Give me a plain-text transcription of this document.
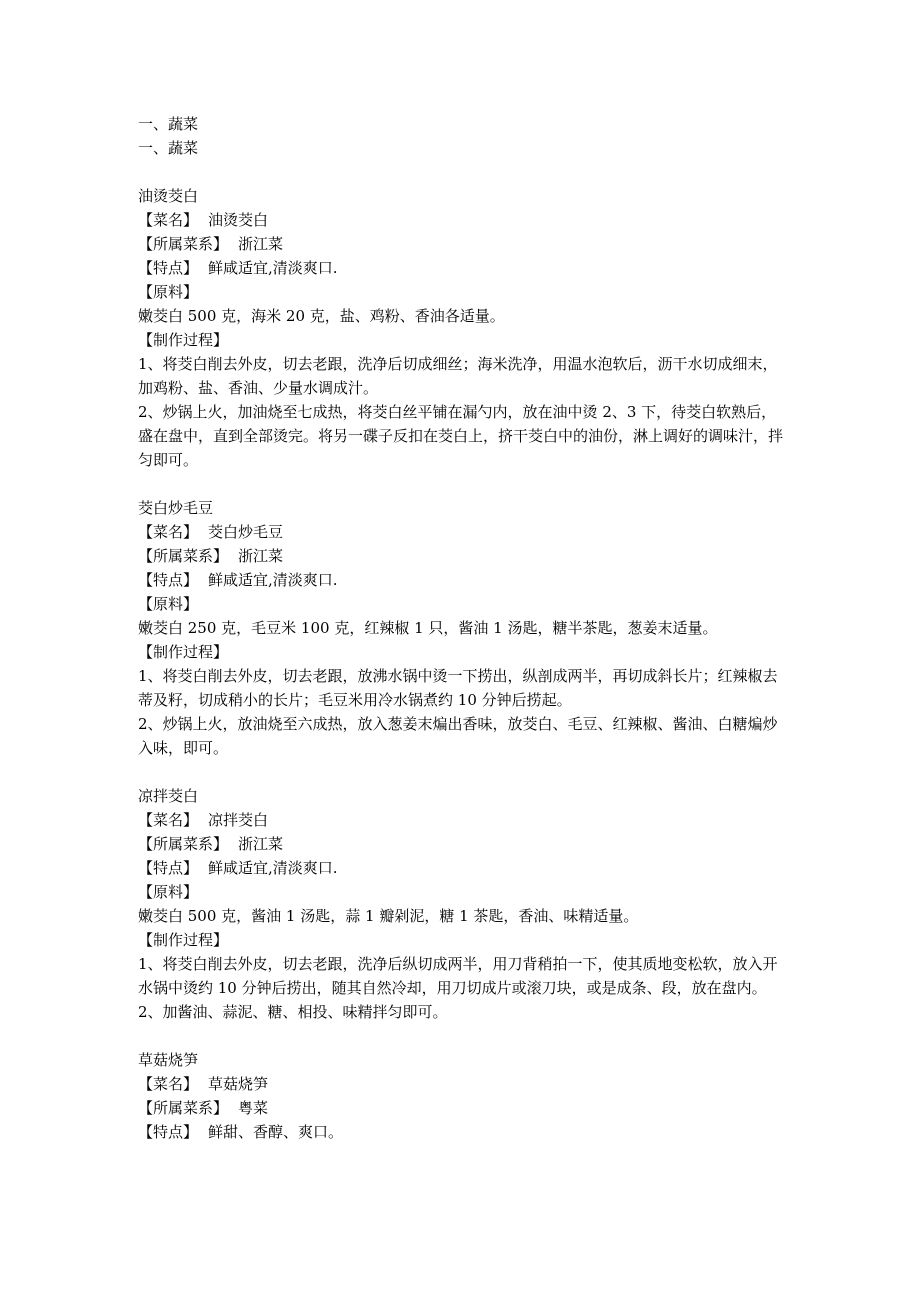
一、蔬菜

一、蔬菜

油烫茭白

【菜名】 油烫茭白

【所属菜系】 浙江菜

【特点】 鲜咸适宜,清淡爽口.

【原料】

嫩茭白 500 克，海米 20 克，盐、鸡粉、香油各适量。

【制作过程】

1、将茭白削去外皮，切去老跟，洗净后切成细丝；海米洗净，用温水泡软后，沥干水切成细末，加鸡粉、盐、香油、少量水调成汁。

2、炒锅上火，加油烧至七成热，将茭白丝平铺在漏勺内，放在油中烫 2、3 下，待茭白软熟后，盛在盘中，直到全部烫完。将另一碟子反扣在茭白上，挤干茭白中的油份，淋上调好的调味汁，拌匀即可。

茭白炒毛豆

【菜名】 茭白炒毛豆

【所属菜系】 浙江菜

【特点】 鲜咸适宜,清淡爽口.

【原料】

嫩茭白 250 克，毛豆米 100 克，红辣椒 1 只，酱油 1 汤匙，糖半茶匙，葱姜末适量。

【制作过程】

1、将茭白削去外皮，切去老跟，放沸水锅中烫一下捞出，纵剖成两半，再切成斜长片；红辣椒去蒂及籽，切成稍小的长片；毛豆米用冷水锅煮约 10 分钟后捞起。

2、炒锅上火，放油烧至六成热，放入葱姜末煸出香味，放茭白、毛豆、红辣椒、酱油、白糖煸炒入味，即可。

凉拌茭白

【菜名】 凉拌茭白

【所属菜系】 浙江菜

【特点】 鲜咸适宜,清淡爽口.

【原料】

嫩茭白 500 克，酱油 1 汤匙，蒜 1 瓣剁泥，糖 1 茶匙，香油、味精适量。

【制作过程】

1、将茭白削去外皮，切去老跟，洗净后纵切成两半，用刀背稍拍一下，使其质地变松软，放入开水锅中烫约 10 分钟后捞出，随其自然冷却，用刀切成片或滚刀块，或是成条、段，放在盘内。

2、加酱油、蒜泥、糖、相投、味精拌匀即可。

草菇烧笋

【菜名】 草菇烧笋

【所属菜系】 粤菜

【特点】 鲜甜、香醇、爽口。
